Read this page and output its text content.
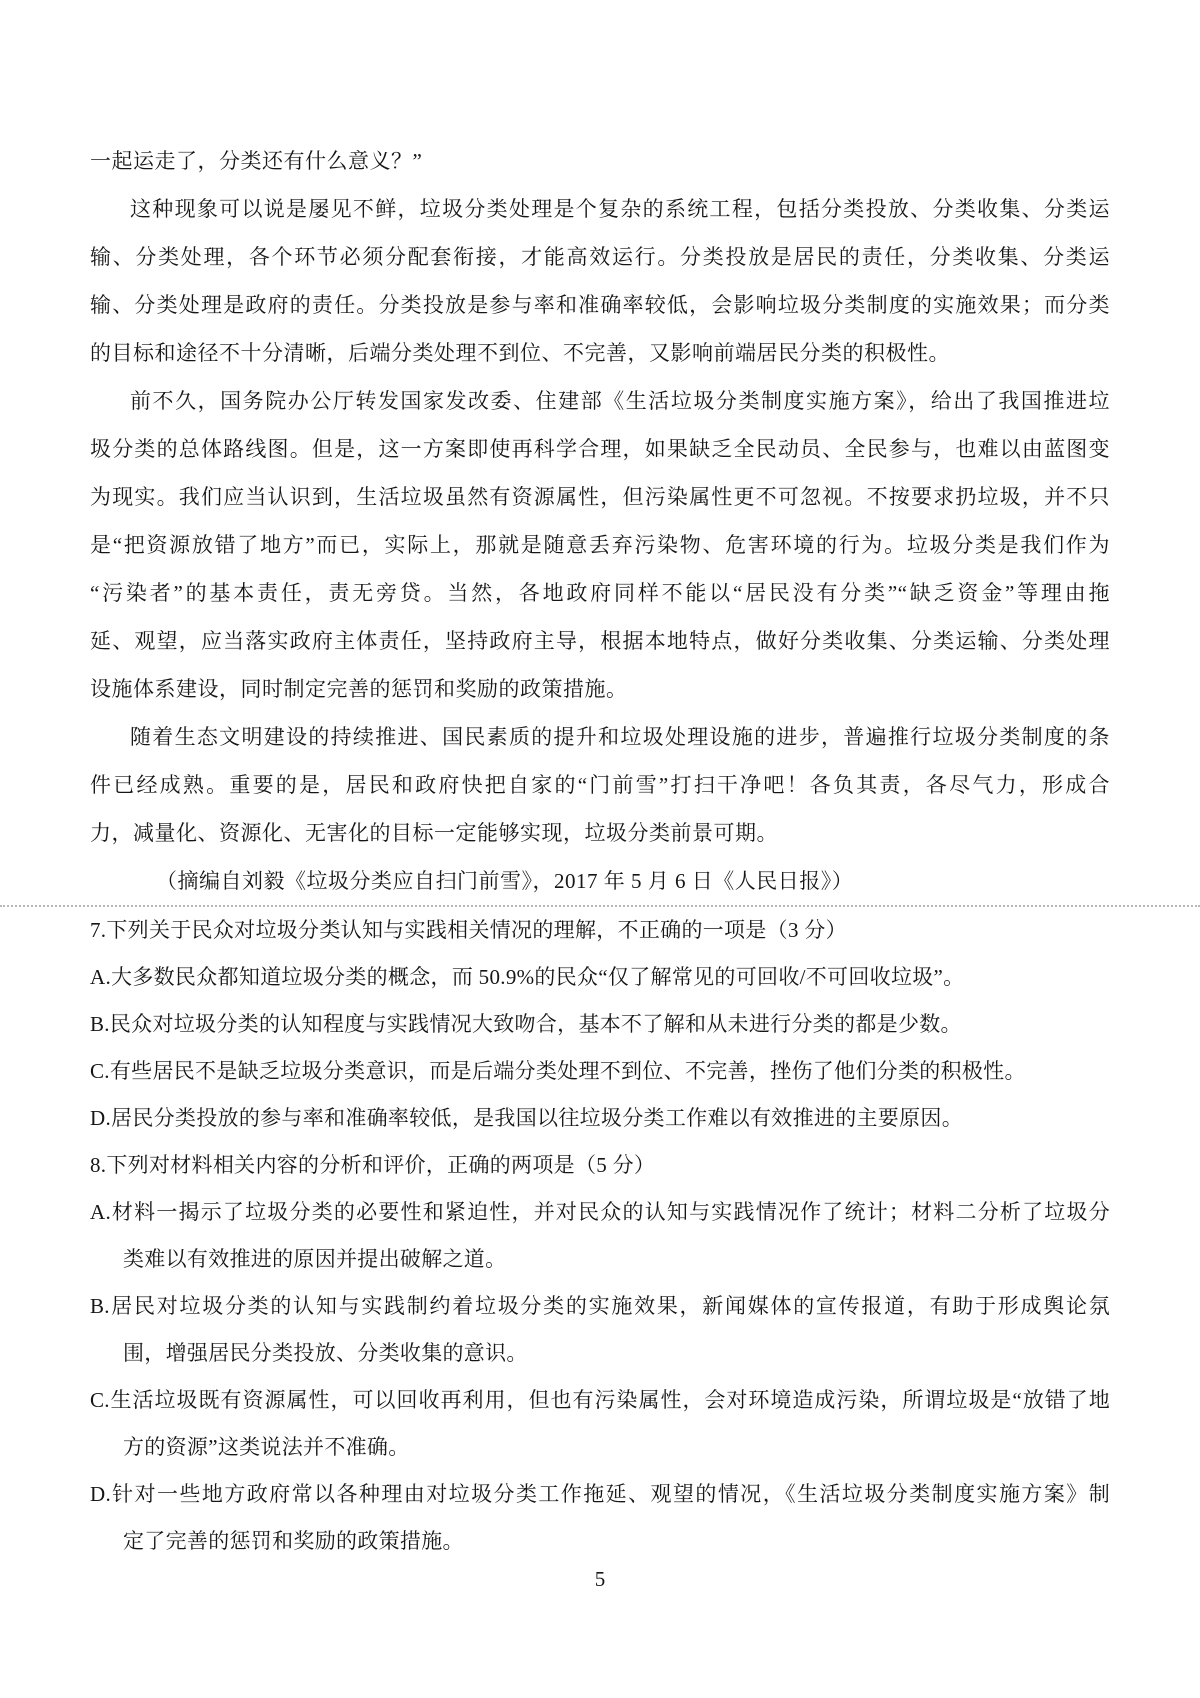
一起运走了，分类还有什么意义？”
这种现象可以说是屡见不鲜，垃圾分类处理是个复杂的系统工程，包括分类投放、分类收集、分类运
输、分类处理，各个环节必须分配套衔接，才能高效运行。分类投放是居民的责任，分类收集、分类运
输、分类处理是政府的责任。分类投放是参与率和准确率较低，会影响垃圾分类制度的实施效果；而分类
的目标和途径不十分清晰，后端分类处理不到位、不完善，又影响前端居民分类的积极性。
前不久，国务院办公厅转发国家发改委、住建部《生活垃圾分类制度实施方案》，给出了我国推进垃
圾分类的总体路线图。但是，这一方案即使再科学合理，如果缺乏全民动员、全民参与，也难以由蓝图变
为现实。我们应当认识到，生活垃圾虽然有资源属性，但污染属性更不可忽视。不按要求扔垃圾，并不只
是“把资源放错了地方”而已，实际上，那就是随意丢弃污染物、危害环境的行为。垃圾分类是我们作为
“污染者”的基本责任，责无旁贷。当然，各地政府同样不能以“居民没有分类”“缺乏资金”等理由拖
延、观望，应当落实政府主体责任，坚持政府主导，根据本地特点，做好分类收集、分类运输、分类处理
设施体系建设，同时制定完善的惩罚和奖励的政策措施。
随着生态文明建设的持续推进、国民素质的提升和垃圾处理设施的进步，普遍推行垃圾分类制度的条
件已经成熟。重要的是，居民和政府快把自家的“门前雪”打扫干净吧！各负其责，各尽气力，形成合
力，减量化、资源化、无害化的目标一定能够实现，垃圾分类前景可期。
（摘编自刘毅《垃圾分类应自扫门前雪》，2017 年 5 月 6 日《人民日报》）
7.下列关于民众对垃圾分类认知与实践相关情况的理解，不正确的一项是（3 分）
A.大多数民众都知道垃圾分类的概念，而 50.9%的民众“仅了解常见的可回收/不可回收垃圾”。
B.民众对垃圾分类的认知程度与实践情况大致吻合，基本不了解和从未进行分类的都是少数。
C.有些居民不是缺乏垃圾分类意识，而是后端分类处理不到位、不完善，挫伤了他们分类的积极性。
D.居民分类投放的参与率和准确率较低，是我国以往垃圾分类工作难以有效推进的主要原因。
8.下列对材料相关内容的分析和评价，正确的两项是（5 分）
A.材料一揭示了垃圾分类的必要性和紧迫性，并对民众的认知与实践情况作了统计；材料二分析了垃圾分
类难以有效推进的原因并提出破解之道。
B.居民对垃圾分类的认知与实践制约着垃圾分类的实施效果，新闻媒体的宣传报道，有助于形成舆论氛
围，增强居民分类投放、分类收集的意识。
C.生活垃圾既有资源属性，可以回收再利用，但也有污染属性，会对环境造成污染，所谓垃圾是“放错了地
方的资源”这类说法并不准确。
D.针对一些地方政府常以各种理由对垃圾分类工作拖延、观望的情况，《生活垃圾分类制度实施方案》制
定了完善的惩罚和奖励的政策措施。
5
